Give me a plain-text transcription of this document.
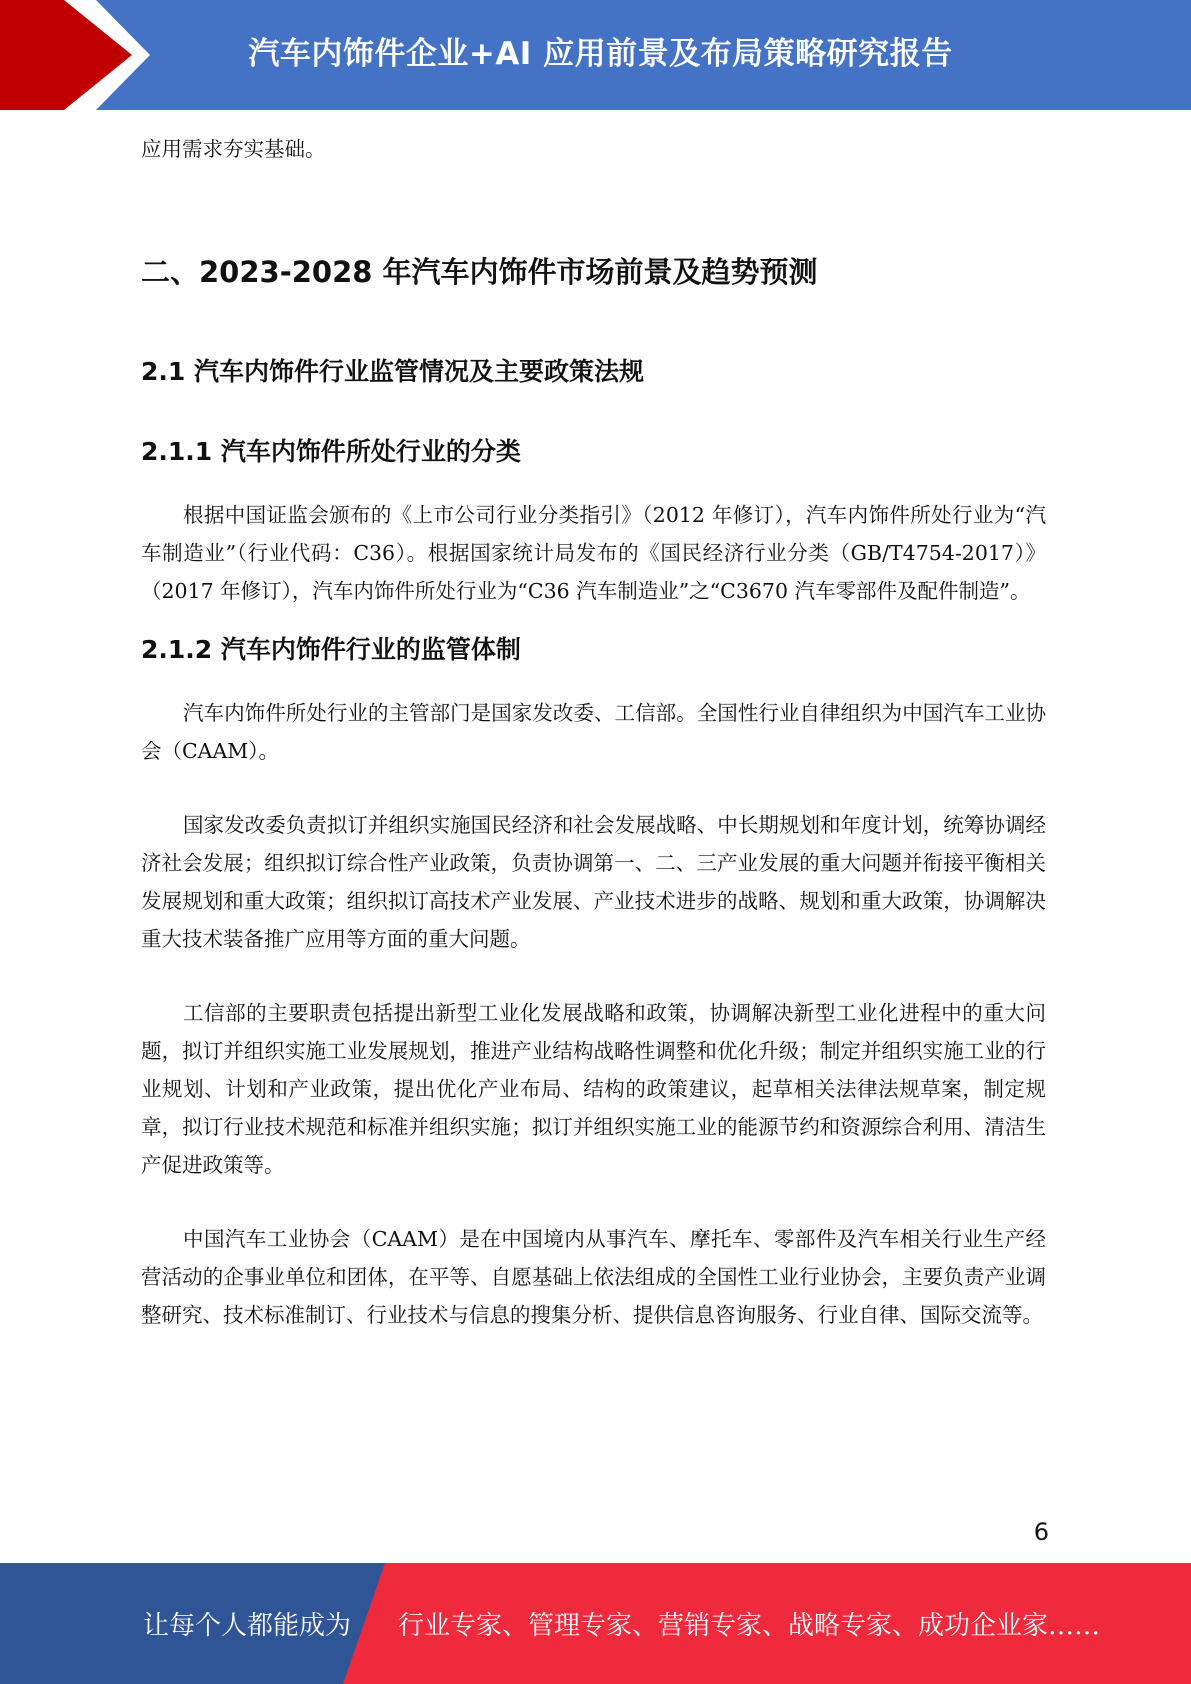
汽车内饰件企业+AI 应用前景及布局策略研究报告

应用需求夯实基础。

二、2023-2028 年汽车内饰件市场前景及趋势预测
2.1 汽车内饰件行业监管情况及主要政策法规
2.1.1 汽车内饰件所处行业的分类

根据中国证监会颁布的《上市公司行业分类指引》（2012 年修订），汽车内饰件所处行业为“汽车制造业”（行业代码：C36）。根据国家统计局发布的《国民经济行业分类（GB/T4754-2017）》（2017 年修订），汽车内饰件所处行业为“C36 汽车制造业”之“C3670 汽车零部件及配件制造”。

2.1.2 汽车内饰件行业的监管体制

汽车内饰件所处行业的主管部门是国家发改委、工信部。全国性行业自律组织为中国汽车工业协会（CAAM）。

国家发改委负责拟订并组织实施国民经济和社会发展战略、中长期规划和年度计划，统筹协调经济社会发展；组织拟订综合性产业政策，负责协调第一、二、三产业发展的重大问题并衔接平衡相关发展规划和重大政策；组织拟订高技术产业发展、产业技术进步的战略、规划和重大政策，协调解决重大技术装备推广应用等方面的重大问题。

工信部的主要职责包括提出新型工业化发展战略和政策，协调解决新型工业化进程中的重大问题，拟订并组织实施工业发展规划，推进产业结构战略性调整和优化升级；制定并组织实施工业的行业规划、计划和产业政策，提出优化产业布局、结构的政策建议，起草相关法律法规草案，制定规章，拟订行业技术规范和标准并组织实施；拟订并组织实施工业的能源节约和资源综合利用、清洁生产促进政策等。

中国汽车工业协会（CAAM）是在中国境内从事汽车、摩托车、零部件及汽车相关行业生产经营活动的企事业单位和团体，在平等、自愿基础上依法组成的全国性工业行业协会，主要负责产业调整研究、技术标准制订、行业技术与信息的搜集分析、提供信息咨询服务、行业自律、国际交流等。

6
让每个人都能成为 行业专家、管理专家、营销专家、战略专家、成功企业家……
